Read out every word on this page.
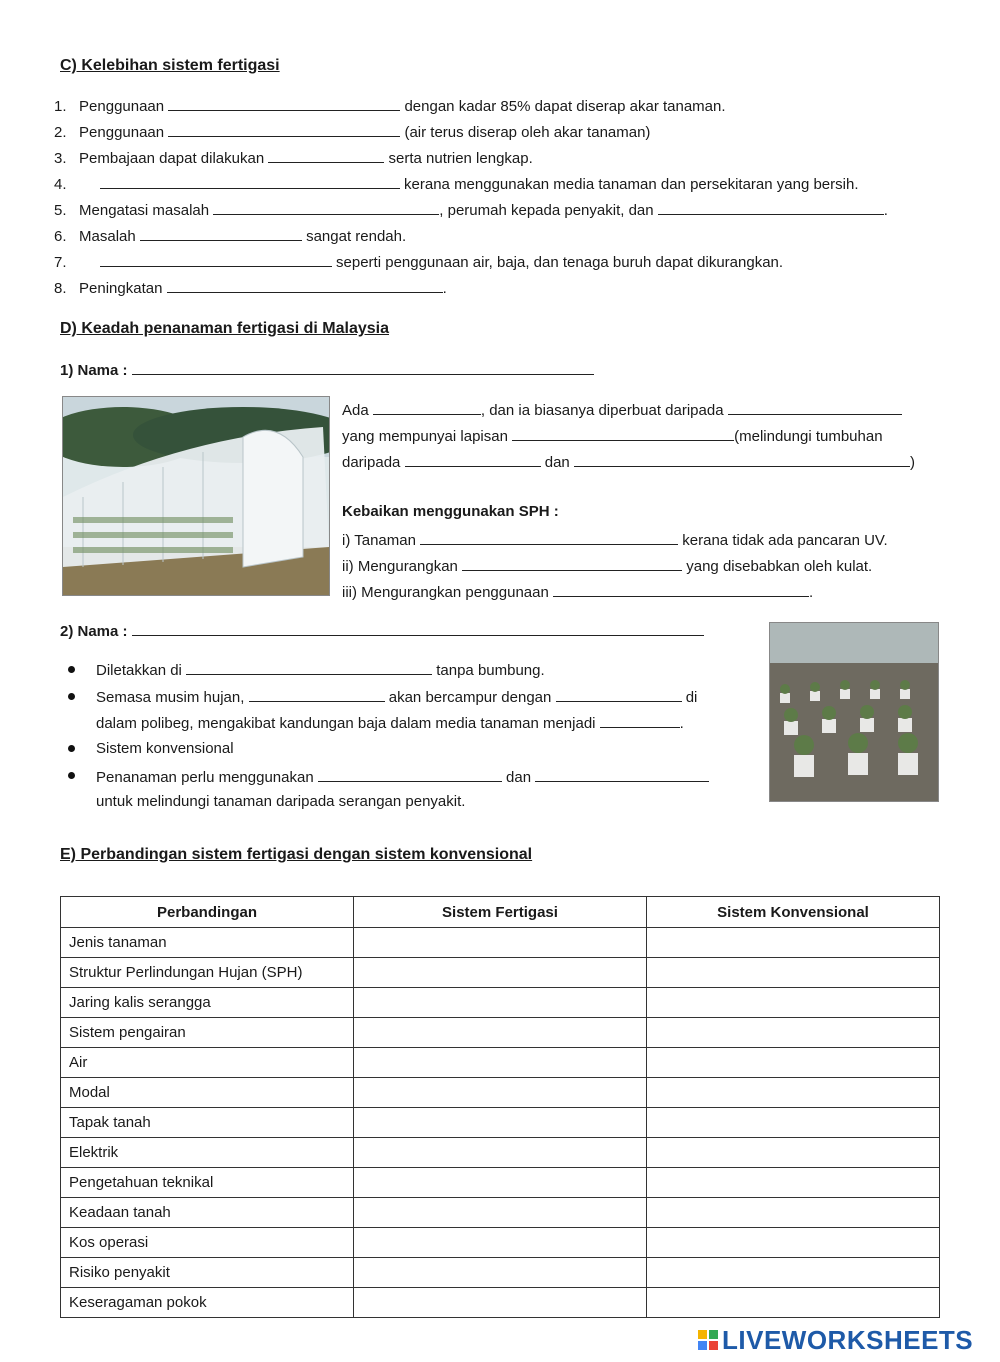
C) Kelebihan sistem fertigasi
1. Penggunaan	dengan kadar 85% dapat diserap akar tanaman.
2. Penggunaan	(air terus diserap oleh akar tanaman)
3. Pembajaan dapat dilakukan	serta nutrien lengkap.
4.	kerana menggunakan media tanaman dan persekitaran yang bersih.
5. Mengatasi masalah	, perumah kepada penyakit, dan	.
6. Masalah	sangat rendah.
7.	seperti penggunaan air, baja, dan tenaga buruh dapat dikurangkan.
8. Peningkatan	.
D) Keadah penanaman fertigasi di Malaysia
1) Nama :
Ada	, dan ia biasanya diperbuat daripada
yang mempunyai lapisan	(melindungi tumbuhan
daripada	dan	)
Kebaikan menggunakan SPH :
i) Tanaman	kerana tidak ada pancaran UV.
ii) Mengurangkan	yang disebabkan oleh kulat.
iii) Mengurangkan penggunaan	.
2) Nama :
Diletakkan di	tanpa bumbung.
Semasa musim hujan,	akan bercampur dengan	di
dalam polibeg, mengakibat kandungan baja dalam media tanaman menjadi	.
Sistem konvensional
Penanaman perlu menggunakan	dan
untuk melindungi tanaman daripada serangan penyakit.
E) Perbandingan sistem fertigasi dengan sistem konvensional
Perbandingan	Sistem Fertigasi	Sistem Konvensional
Jenis tanaman		
Struktur Perlindungan Hujan (SPH)		
Jaring kalis serangga		
Sistem pengairan		
Air		
Modal		
Tapak tanah		
Elektrik		
Pengetahuan teknikal		
Keadaan tanah		
Kos operasi		
Risiko penyakit		
Keseragaman pokok		
LIVEWORKSHEETS
